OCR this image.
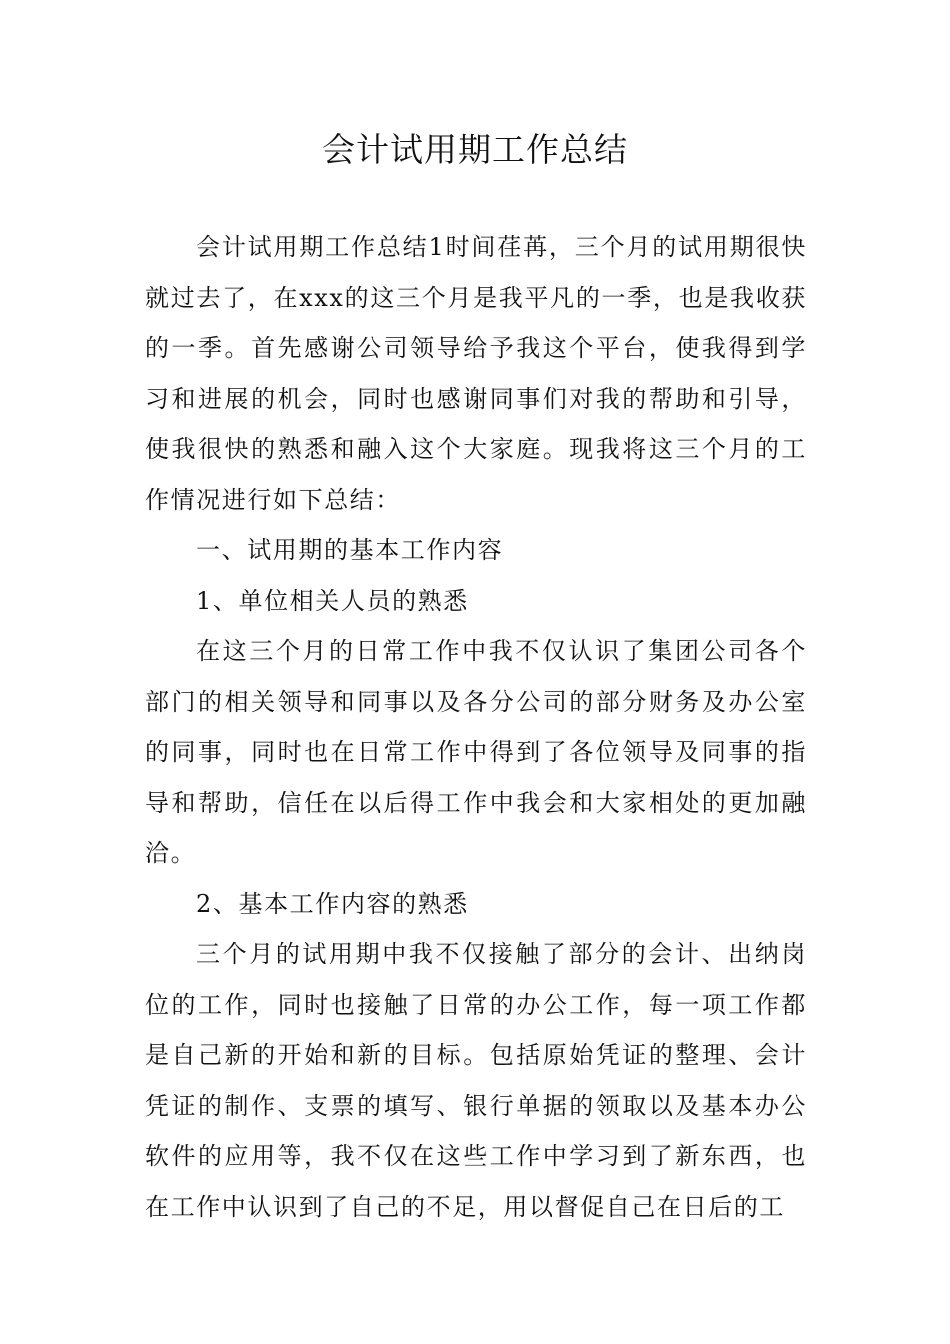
会计试用期工作总结

会计试用期工作总结1时间荏苒，三个月的试用期很快就过去了，在xxx的这三个月是我平凡的一季，也是我收获的一季。首先感谢公司领导给予我这个平台，使我得到学习和进展的机会，同时也感谢同事们对我的帮助和引导，使我很快的熟悉和融入这个大家庭。现我将这三个月的工作情况进行如下总结：

一、试用期的基本工作内容

1、单位相关人员的熟悉

在这三个月的日常工作中我不仅认识了集团公司各个部门的相关领导和同事以及各分公司的部分财务及办公室的同事，同时也在日常工作中得到了各位领导及同事的指导和帮助，信任在以后得工作中我会和大家相处的更加融洽。

2、基本工作内容的熟悉

三个月的试用期中我不仅接触了部分的会计、出纳岗位的工作，同时也接触了日常的办公工作，每一项工作都是自己新的开始和新的目标。包括原始凭证的整理、会计凭证的制作、支票的填写、银行单据的领取以及基本办公软件的应用等，我不仅在这些工作中学习到了新东西，也在工作中认识到了自己的不足，用以督促自己在日后的工
